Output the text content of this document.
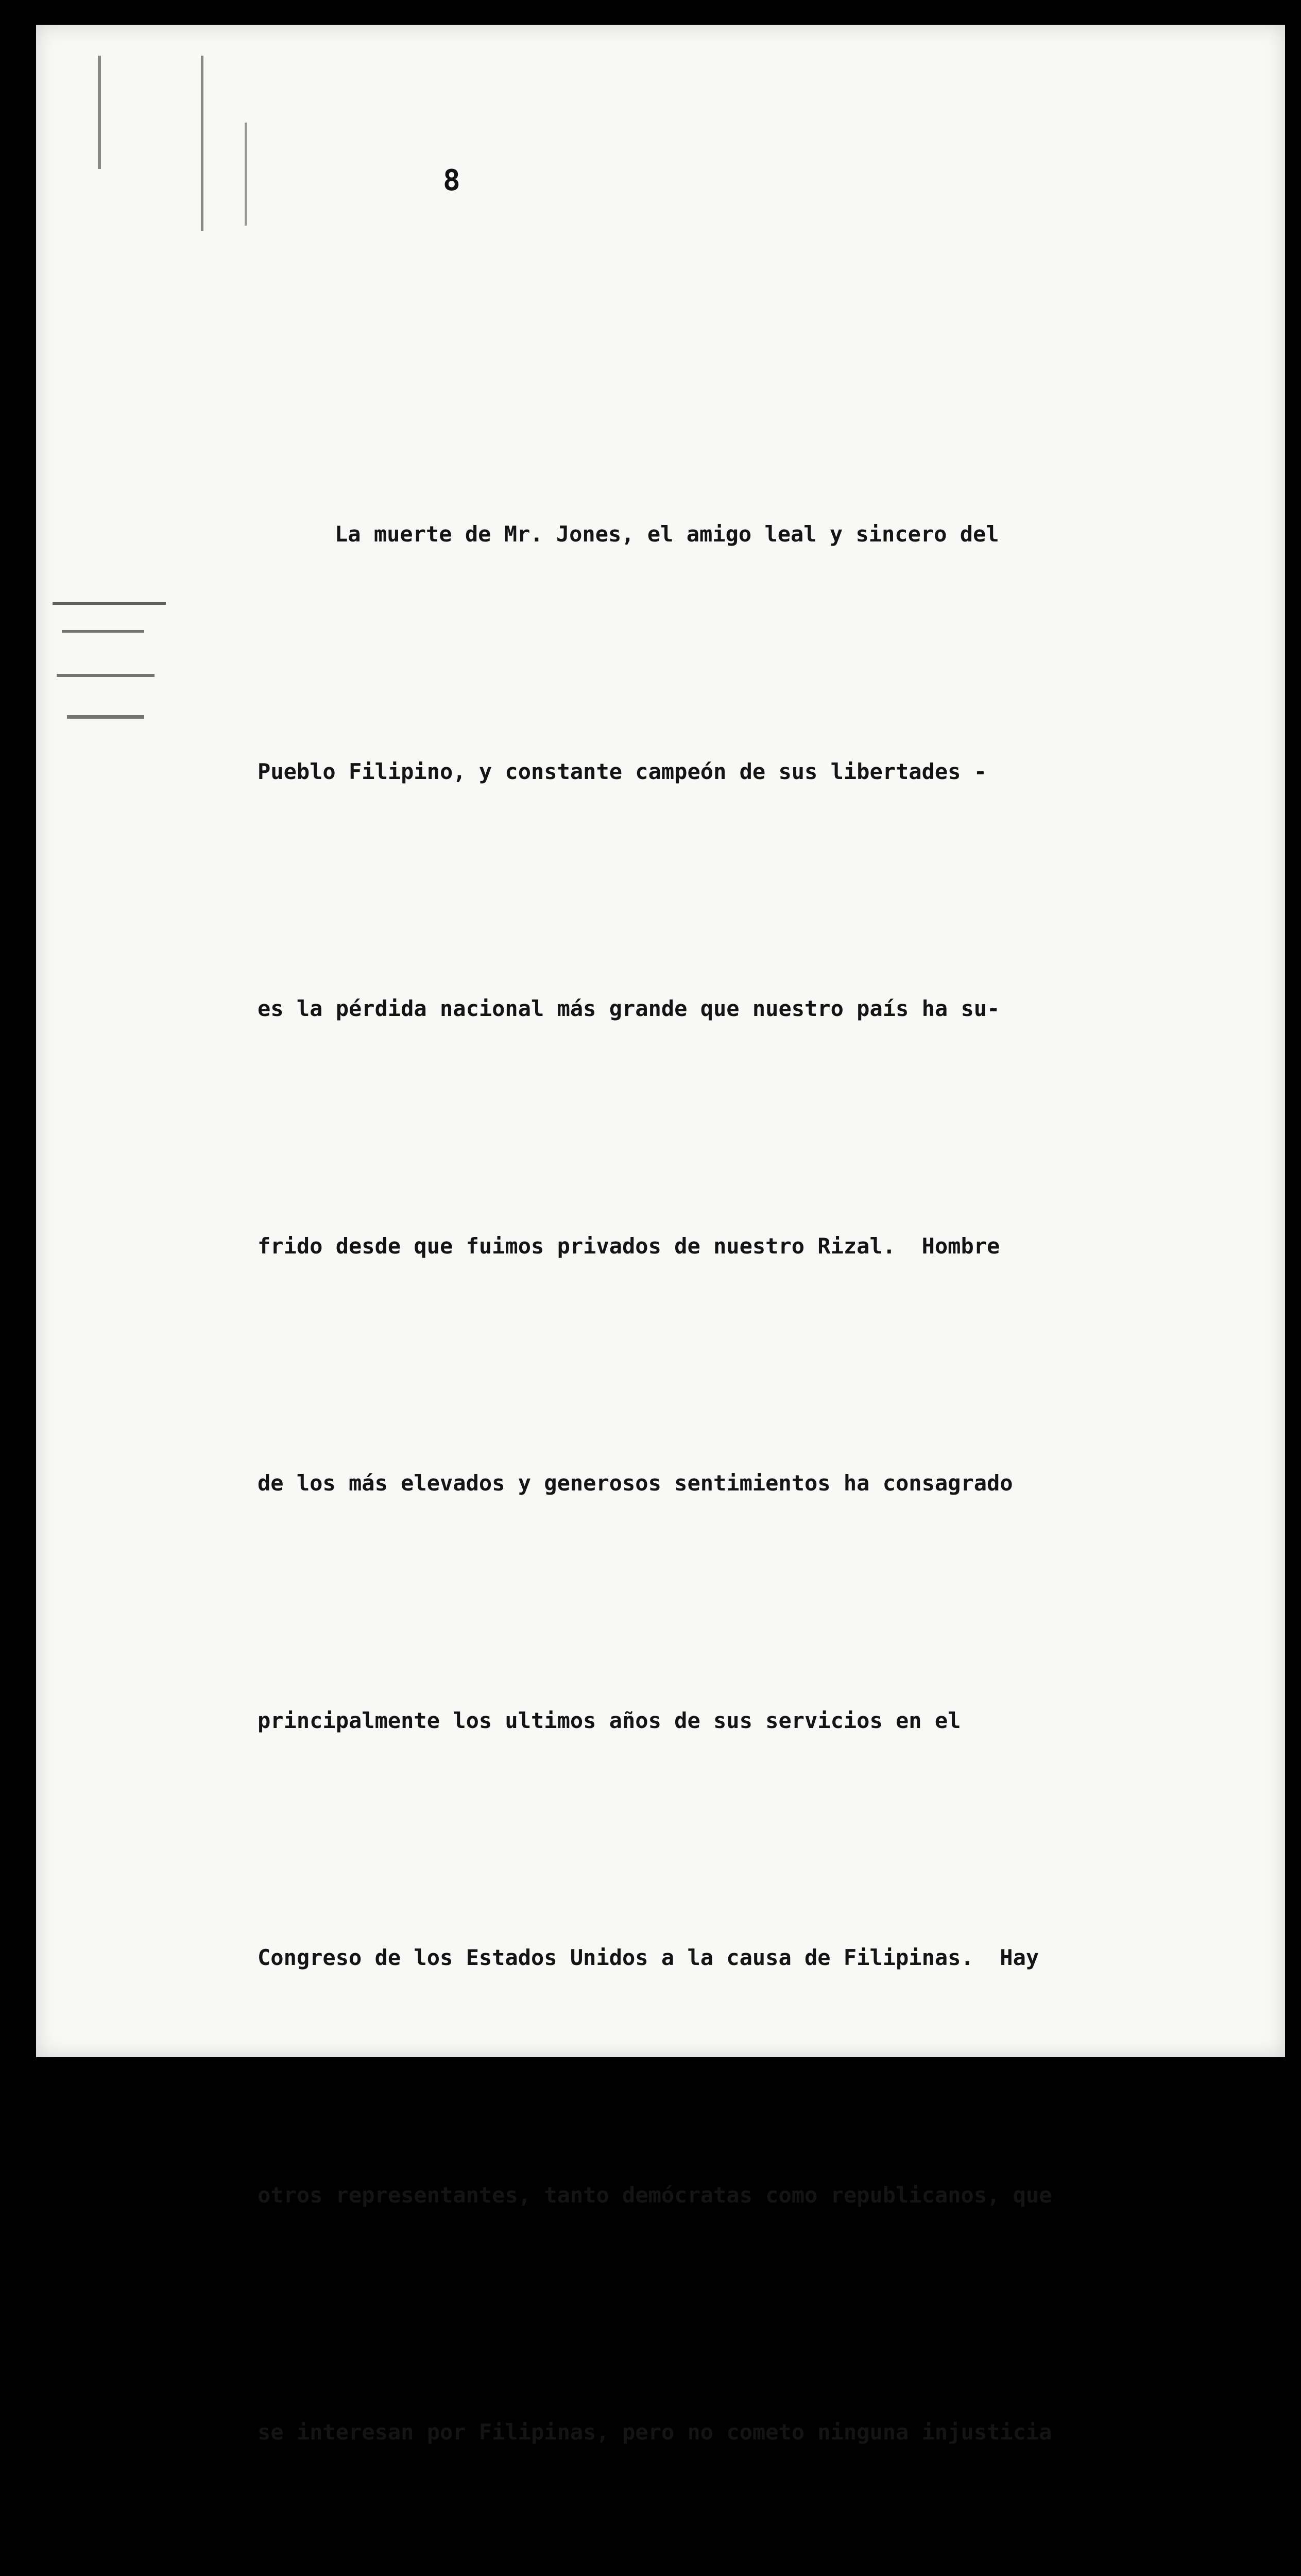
8

La muerte de Mr. Jones, el amigo leal y sincero del

Pueblo Filipino, y constante campeón de sus libertades -

es la pérdida nacional más grande que nuestro país ha su-

frido desde que fuimos privados de nuestro Rizal.  Hombre

de los más elevados y generosos sentimientos ha consagrado

principalmente los ultimos años de sus servicios en el

Congreso de los Estados Unidos a la causa de Filipinas.  Hay

otros representantes, tanto demócratas como republicanos, que

se interesan por Filipinas, pero no cometo ninguna injusticia
